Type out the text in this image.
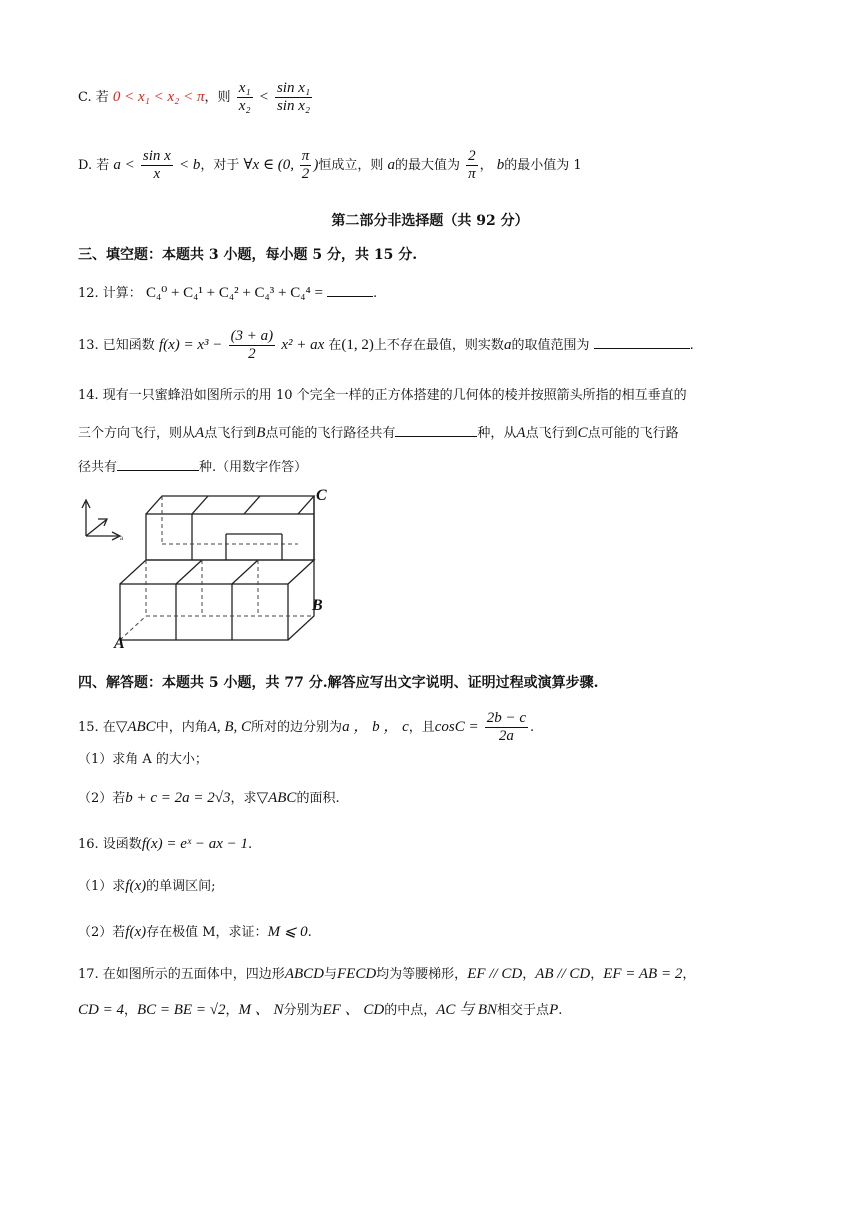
C. 若 0 < x₁ < x₂ < π，则 $\frac{\text{x₁}}{\text{x₂}} < \frac{\text{sin x₁}}{\text{sin x₂}}$
D. 若 $a < \frac{\text{sin x}}{x} < b$，对于 ∀x ∈ (0, $\frac{\pi}{2}$ )恒成立，则 a的最大值为 $\frac{2}{\pi}$ ， b的最小值为 1
第二部分非选择题（共 92 分）
三、填空题：本题共 3 小题，每小题 5 分，共 15 分.
12. 计算： C₄⁰ + C₄¹ + C₄² + C₄³ + C₄⁴ =	.
13. 已知函数 $f(x) = x^3 - \frac{(3 + a)}{2} x^2$ + ax 在(1, 2)上不存在最值，则实数a的取值范围为	.
14. 现有一只蜜蜂沿如图所示的用 10 个完全一样的正方体搭建的几何体的棱并按照箭头所指的相互垂直的
三个方向飞行，则从A点飞行到B点可能的飞行路径共有	种，从A点飞行到C点可能的飞行路
径共有	种.（用数字作答）
A
B
C
a
四、解答题：本题共 5 小题，共 77 分.解答应写出文字说明、证明过程或演算步骤.
15. 在▽ABC中，内角A, B, C所对的边分别为a ， b ， c，且$\cos C = \frac{2b - c}{2a}$ .
（1）求角 A 的大小；
（2）若b + c = 2a = 2√3，求▽ABC的面积.
16. 设函数f(x) = eˣ − ax − 1.
（1）求f(x)的单调区间;
（2）若f(x)存在极值 M，求证：M ⩽ 0.
17. 在如图所示的五面体中，四边形ABCD与FECD均为等腰梯形，EF // CD，AB // CD，EF = AB = 2，
CD = 4，BC = BE = √2，M 、 N分别为EF 、 CD的中点，AC 与 BN相交于点P.
